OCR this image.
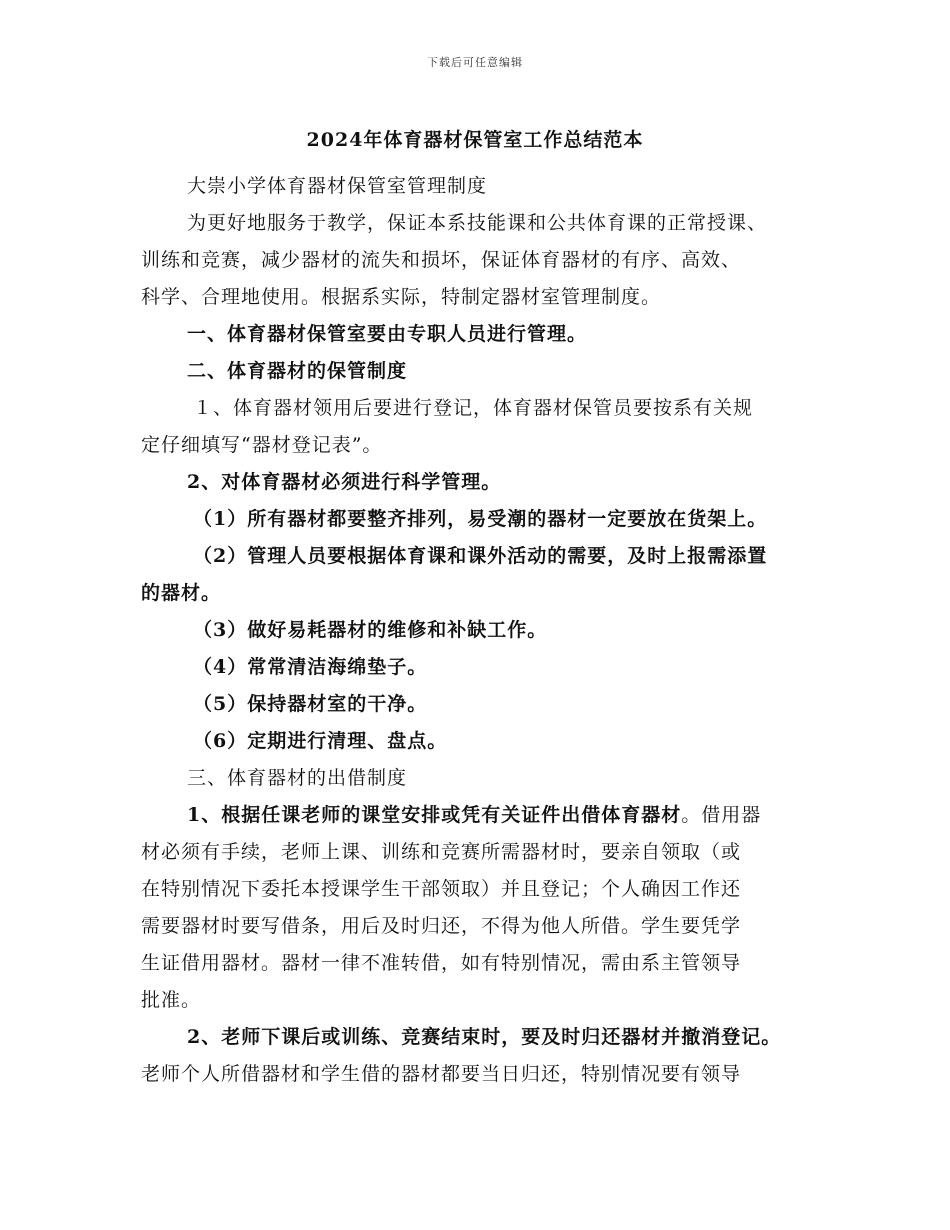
下载后可任意编辑
2024年体育器材保管室工作总结范本
大崇小学体育器材保管室管理制度
为更好地服务于教学，保证本系技能课和公共体育课的正常授课、
训练和竞赛，减少器材的流失和损坏，保证体育器材的有序、高效、
科学、合理地使用。根据系实际，特制定器材室管理制度。
一、体育器材保管室要由专职人员进行管理。
二、体育器材的保管制度
１、体育器材领用后要进行登记，体育器材保管员要按系有关规
定仔细填写“器材登记表”。
2、对体育器材必须进行科学管理。
（1）所有器材都要整齐排列，易受潮的器材一定要放在货架上。
（2）管理人员要根据体育课和课外活动的需要，及时上报需添置
的器材。
（3）做好易耗器材的维修和补缺工作。
（4）常常清洁海绵垫子。
（5）保持器材室的干净。
（6）定期进行清理、盘点。
三、体育器材的出借制度
1、根据任课老师的课堂安排或凭有关证件出借体育器材。借用器
材必须有手续，老师上课、训练和竞赛所需器材时，要亲自领取（或
在特别情况下委托本授课学生干部领取）并且登记；个人确因工作还
需要器材时要写借条，用后及时归还，不得为他人所借。学生要凭学
生证借用器材。器材一律不准转借，如有特别情况，需由系主管领导
批准。
2、老师下课后或训练、竞赛结束时，要及时归还器材并撤消登记。
老师个人所借器材和学生借的器材都要当日归还，特别情况要有领导
